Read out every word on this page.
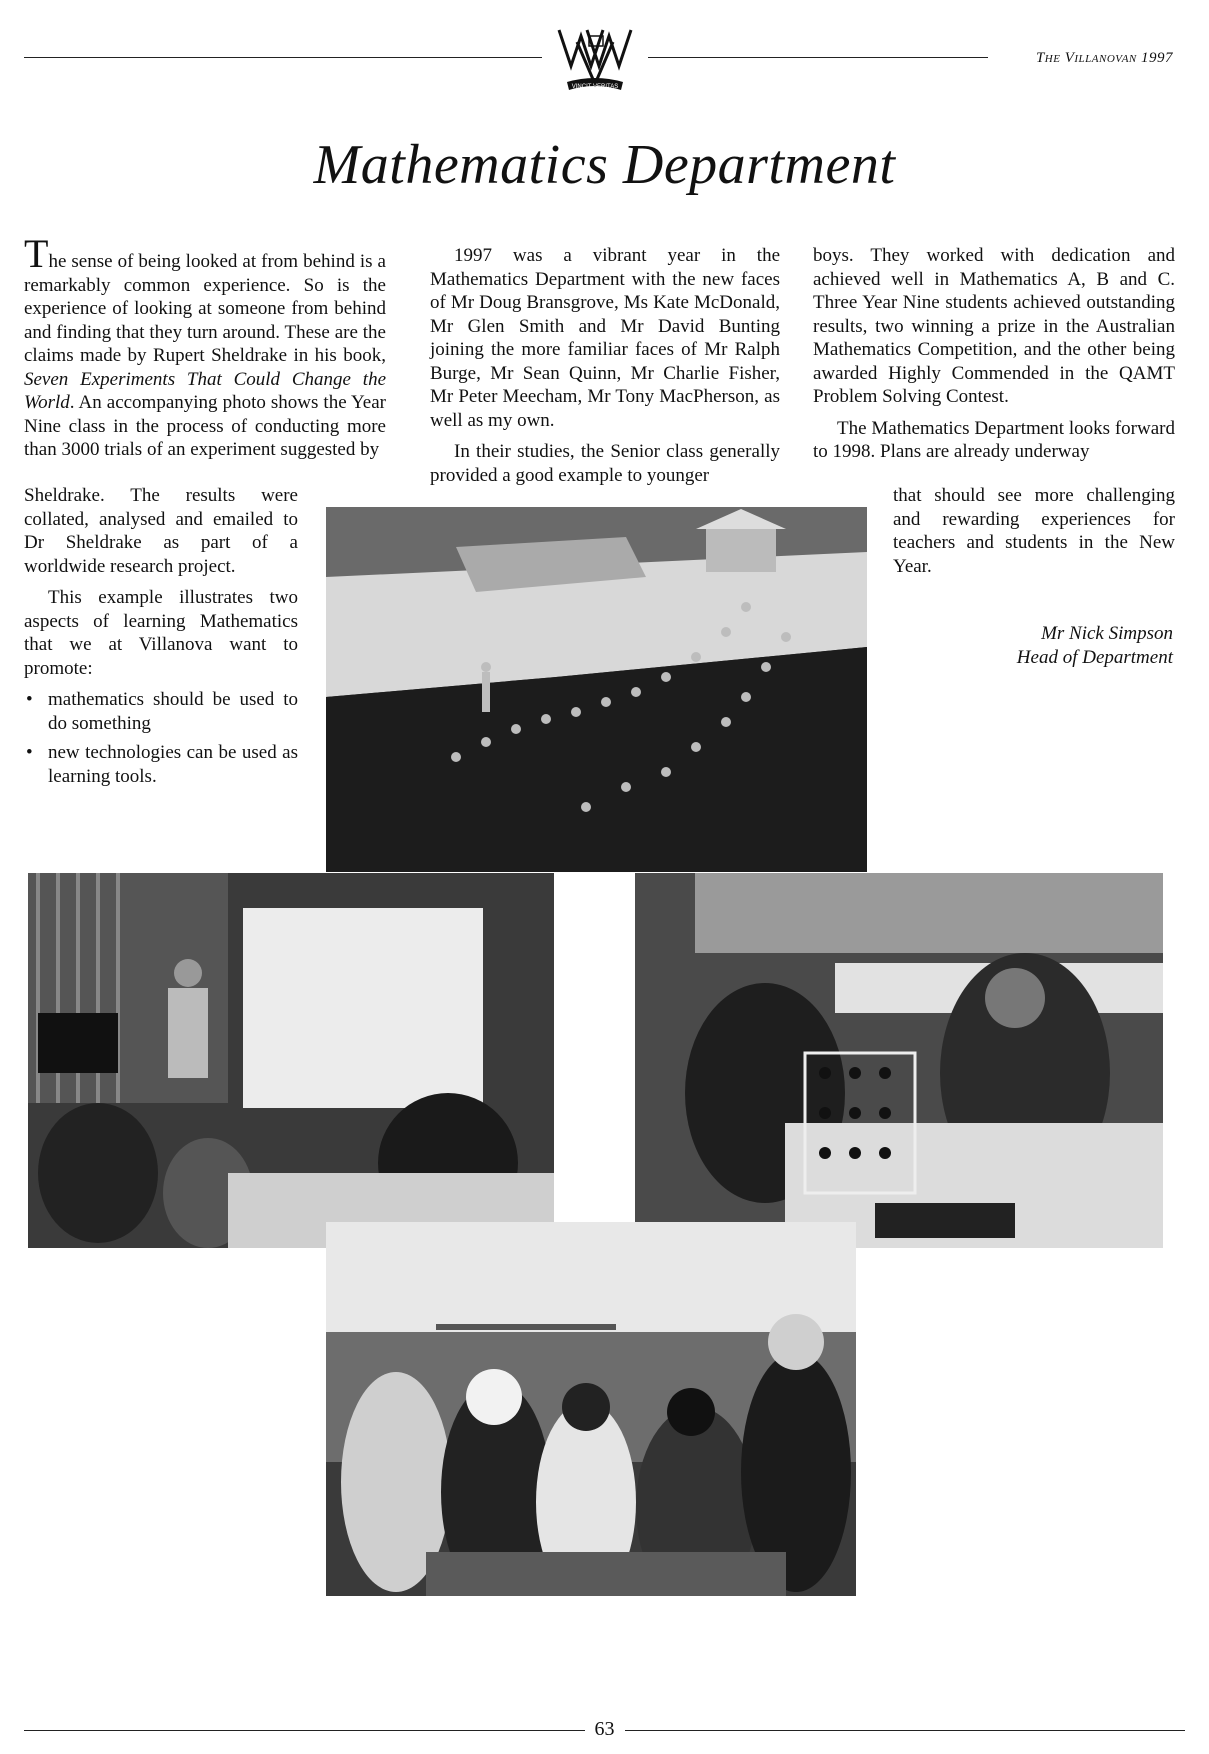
VINCIT VERITAS
The Villanovan 1997
Mathematics Department

The sense of being looked at from behind is a remarkably common experience. So is the experience of looking at someone from behind and finding that they turn around. These are the claims made by Rupert Sheldrake in his book, Seven Experiments That Could Change the World. An accompanying photo shows the Year Nine class in the process of conducting more than 3000 trials of an experiment suggested by

Sheldrake. The results were collated, analysed and emailed to Dr Sheldrake as part of a worldwide research project.

This example illustrates two aspects of learning Mathematics that we at Villanova want to promote:

• mathematics should be used to do something
• new technologies can be used as learning tools.

1997 was a vibrant year in the Mathematics Department with the new faces of Mr Doug Bransgrove, Ms Kate McDonald, Mr Glen Smith and Mr David Bunting joining the more familiar faces of Mr Ralph Burge, Mr Sean Quinn, Mr Charlie Fisher, Mr Peter Meecham, Mr Tony MacPherson, as well as my own.

In their studies, the Senior class generally provided a good example to younger

boys. They worked with dedication and achieved well in Mathematics A, B and C. Three Year Nine students achieved outstanding results, two winning a prize in the Australian Mathematics Competition, and the other being awarded Highly Commended in the QAMT Problem Solving Contest.

The Mathematics Department looks forward to 1998. Plans are already underway

that should see more challenging and rewarding experiences for teachers and students in the New Year.

Mr Nick Simpson
Head of Department
63
